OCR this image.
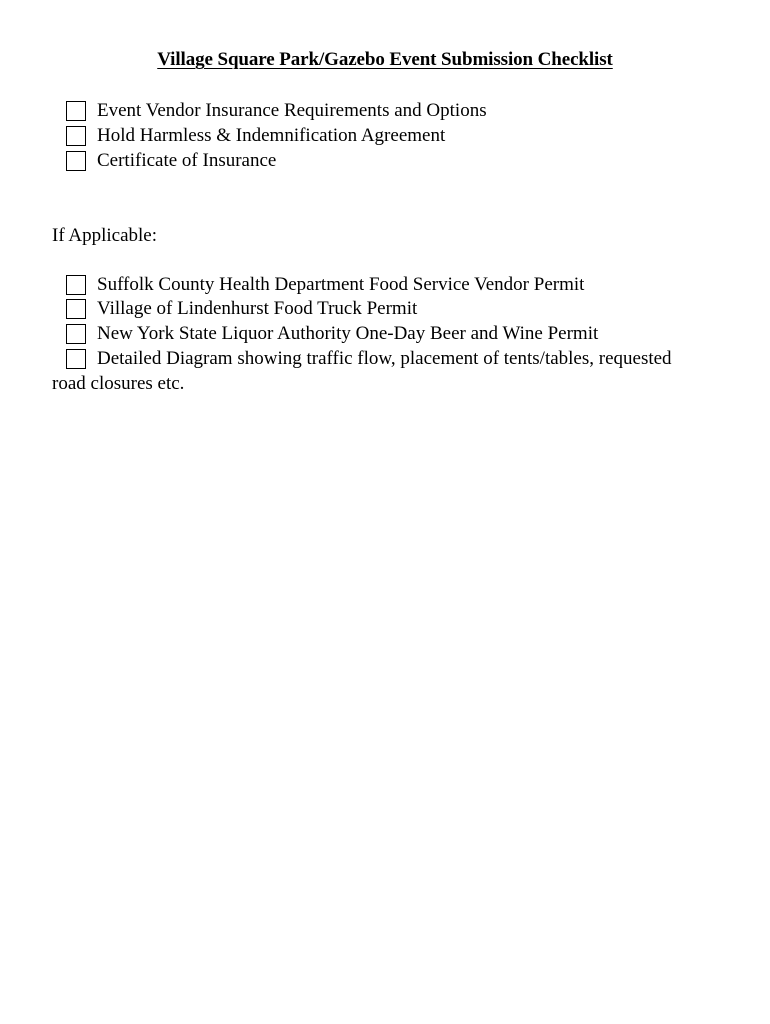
Village Square Park/Gazebo Event Submission Checklist
Event Vendor Insurance Requirements and Options
Hold Harmless & Indemnification Agreement
Certificate of Insurance
If Applicable:
Suffolk County Health Department Food Service Vendor Permit
Village of Lindenhurst Food Truck Permit
New York State Liquor Authority One-Day Beer and Wine Permit
Detailed Diagram showing traffic flow, placement of tents/tables, requested
road closures etc.
